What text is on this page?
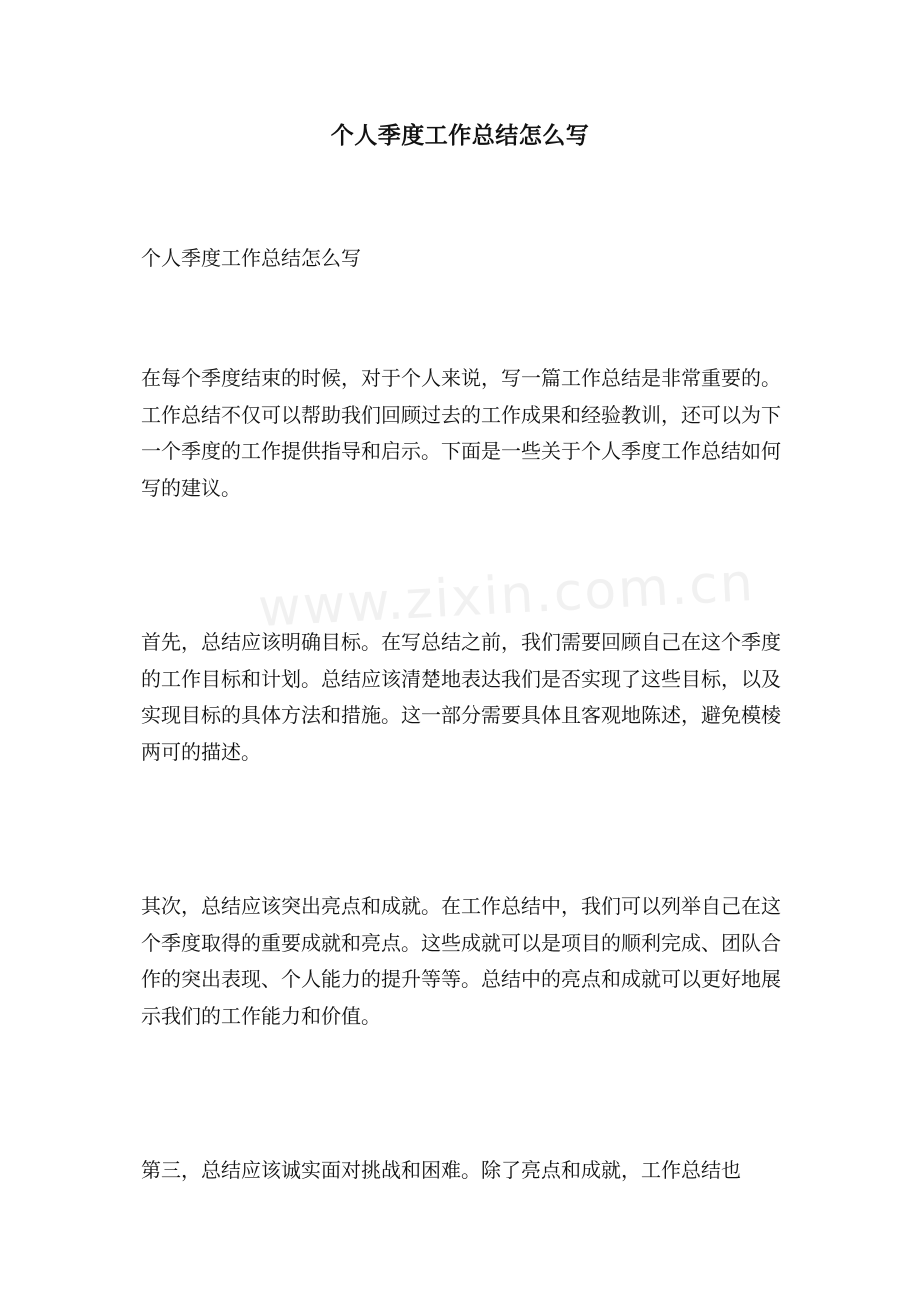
个人季度工作总结怎么写
个人季度工作总结怎么写
在每个季度结束的时候，对于个人来说，写一篇工作总结是非常重要的。工作总结不仅可以帮助我们回顾过去的工作成果和经验教训，还可以为下一个季度的工作提供指导和启示。下面是一些关于个人季度工作总结如何写的建议。
首先，总结应该明确目标。在写总结之前，我们需要回顾自己在这个季度的工作目标和计划。总结应该清楚地表达我们是否实现了这些目标，以及实现目标的具体方法和措施。这一部分需要具体且客观地陈述，避免模棱两可的描述。
其次，总结应该突出亮点和成就。在工作总结中，我们可以列举自己在这个季度取得的重要成就和亮点。这些成就可以是项目的顺利完成、团队合作的突出表现、个人能力的提升等等。总结中的亮点和成就可以更好地展示我们的工作能力和价值。
第三，总结应该诚实面对挑战和困难。除了亮点和成就，工作总结也
www.zixin.com.cn
